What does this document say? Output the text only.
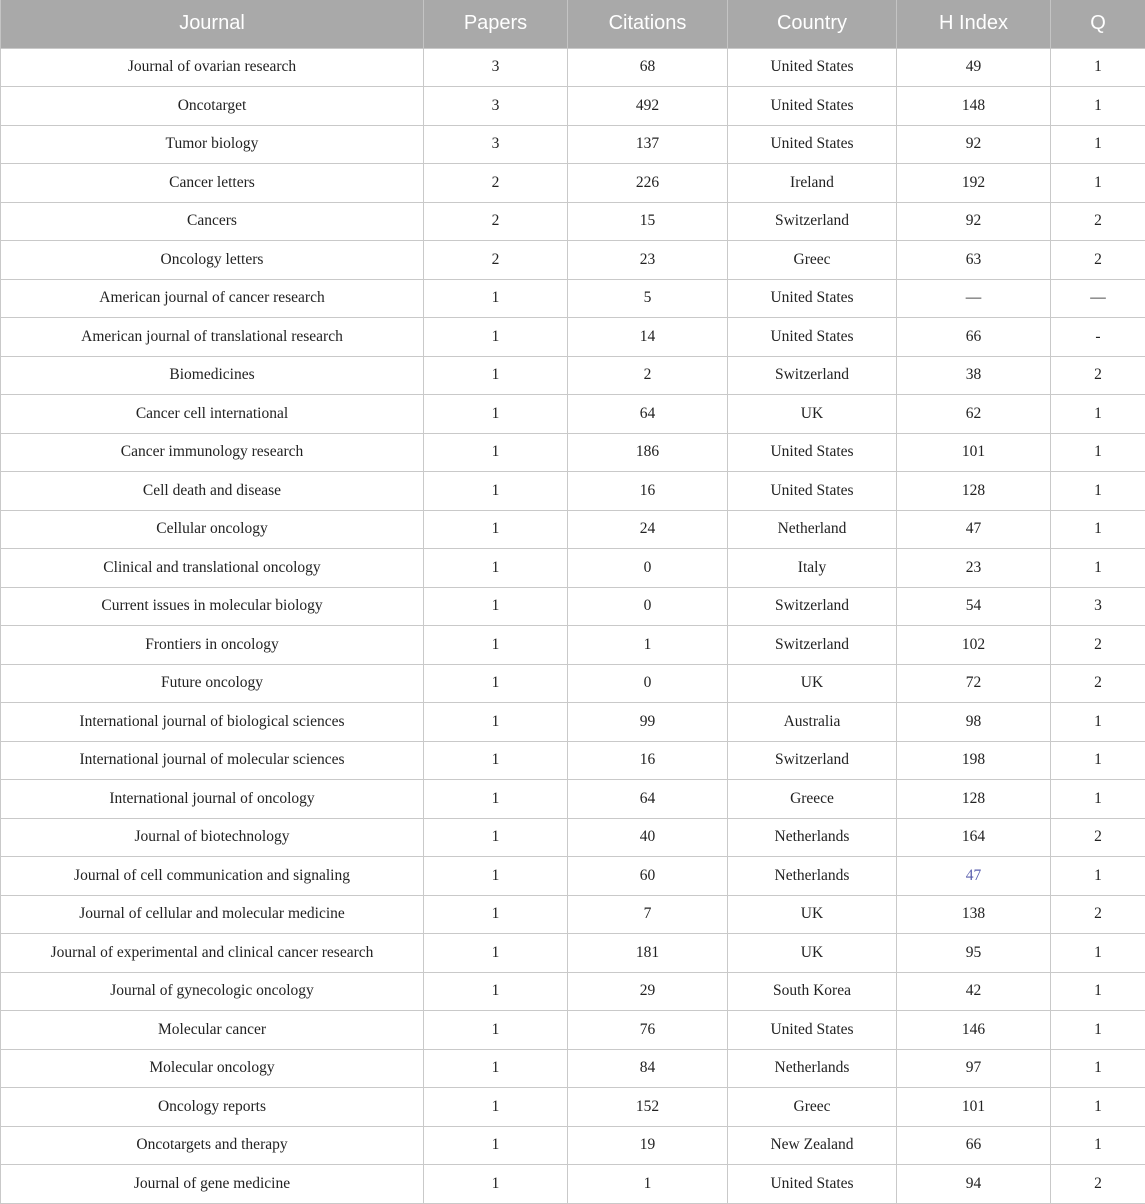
Journal	Papers	Citations	Country	H Index	Q
Journal of ovarian research	3	68	United States	49	1
Oncotarget	3	492	United States	148	1
Tumor biology	3	137	United States	92	1
Cancer letters	2	226	Ireland	192	1
Cancers	2	15	Switzerland	92	2
Oncology letters	2	23	Greec	63	2
American journal of cancer research	1	5	United States	—	—
American journal of translational research	1	14	United States	66	-
Biomedicines	1	2	Switzerland	38	2
Cancer cell international	1	64	UK	62	1
Cancer immunology research	1	186	United States	101	1
Cell death and disease	1	16	United States	128	1
Cellular oncology	1	24	Netherland	47	1
Clinical and translational oncology	1	0	Italy	23	1
Current issues in molecular biology	1	0	Switzerland	54	3
Frontiers in oncology	1	1	Switzerland	102	2
Future oncology	1	0	UK	72	2
International journal of biological sciences	1	99	Australia	98	1
International journal of molecular sciences	1	16	Switzerland	198	1
International journal of oncology	1	64	Greece	128	1
Journal of biotechnology	1	40	Netherlands	164	2
Journal of cell communication and signaling	1	60	Netherlands	47	1
Journal of cellular and molecular medicine	1	7	UK	138	2
Journal of experimental and clinical cancer research	1	181	UK	95	1
Journal of gynecologic oncology	1	29	South Korea	42	1
Molecular cancer	1	76	United States	146	1
Molecular oncology	1	84	Netherlands	97	1
Oncology reports	1	152	Greec	101	1
Oncotargets and therapy	1	19	New Zealand	66	1
Journal of gene medicine	1	1	United States	94	2
